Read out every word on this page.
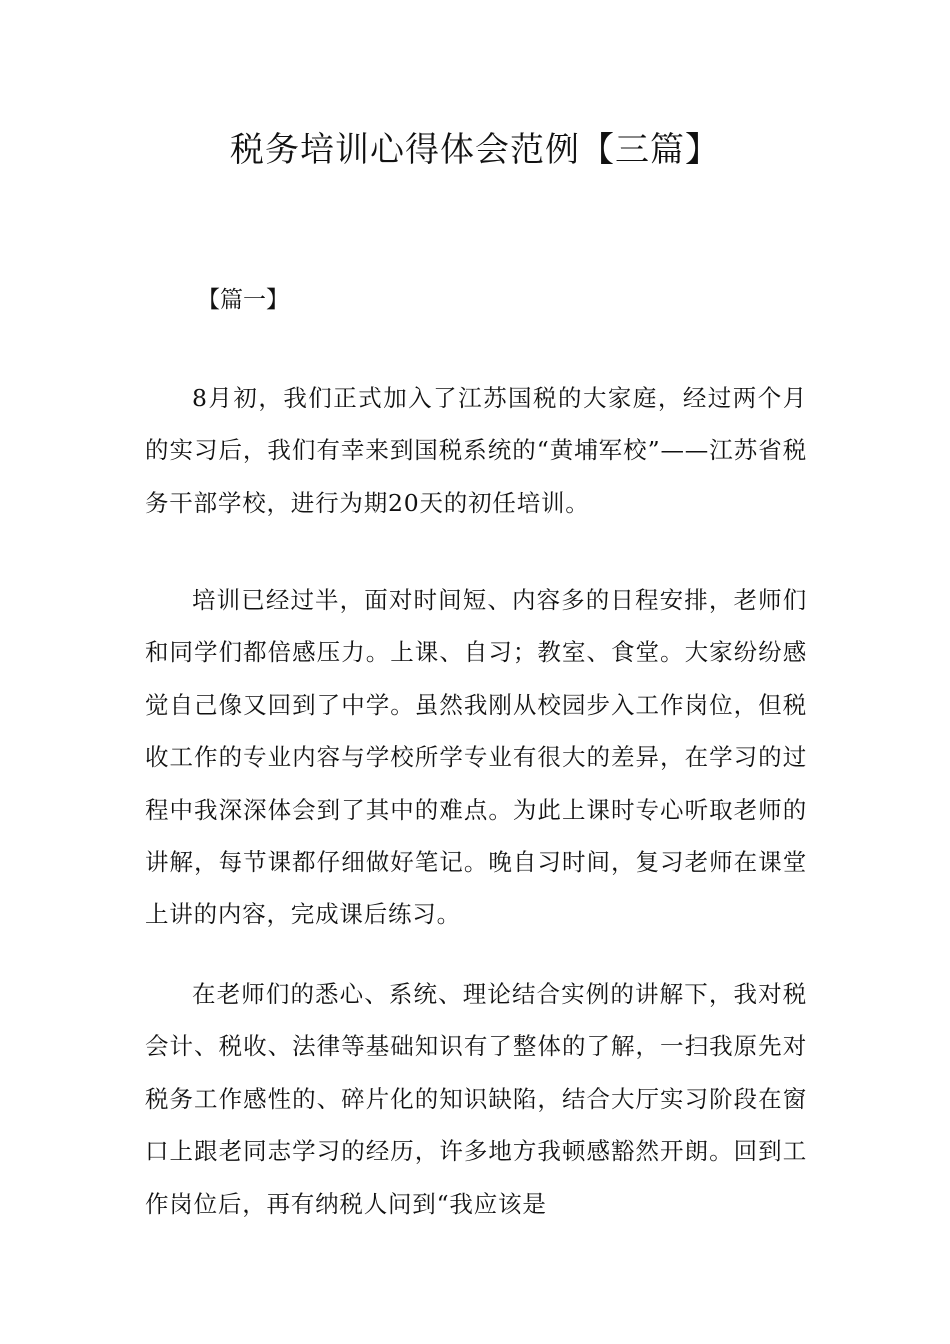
税务培训心得体会范例【三篇】
【篇一】

8月初，我们正式加入了江苏国税的大家庭，经过两个月的实习后，我们有幸来到国税系统的“黄埔军校”——江苏省税务干部学校，进行为期20天的初任培训。

培训已经过半，面对时间短、内容多的日程安排，老师们和同学们都倍感压力。上课、自习；教室、食堂。大家纷纷感觉自己像又回到了中学。虽然我刚从校园步入工作岗位，但税收工作的专业内容与学校所学专业有很大的差异，在学习的过程中我深深体会到了其中的难点。为此上课时专心听取老师的讲解，每节课都仔细做好笔记。晚自习时间，复习老师在课堂上讲的内容，完成课后练习。

在老师们的悉心、系统、理论结合实例的讲解下，我对税会计、税收、法律等基础知识有了整体的了解，一扫我原先对税务工作感性的、碎片化的知识缺陷，结合大厅实习阶段在窗口上跟老同志学习的经历，许多地方我顿感豁然开朗。回到工作岗位后，再有纳税人问到“我应该是
